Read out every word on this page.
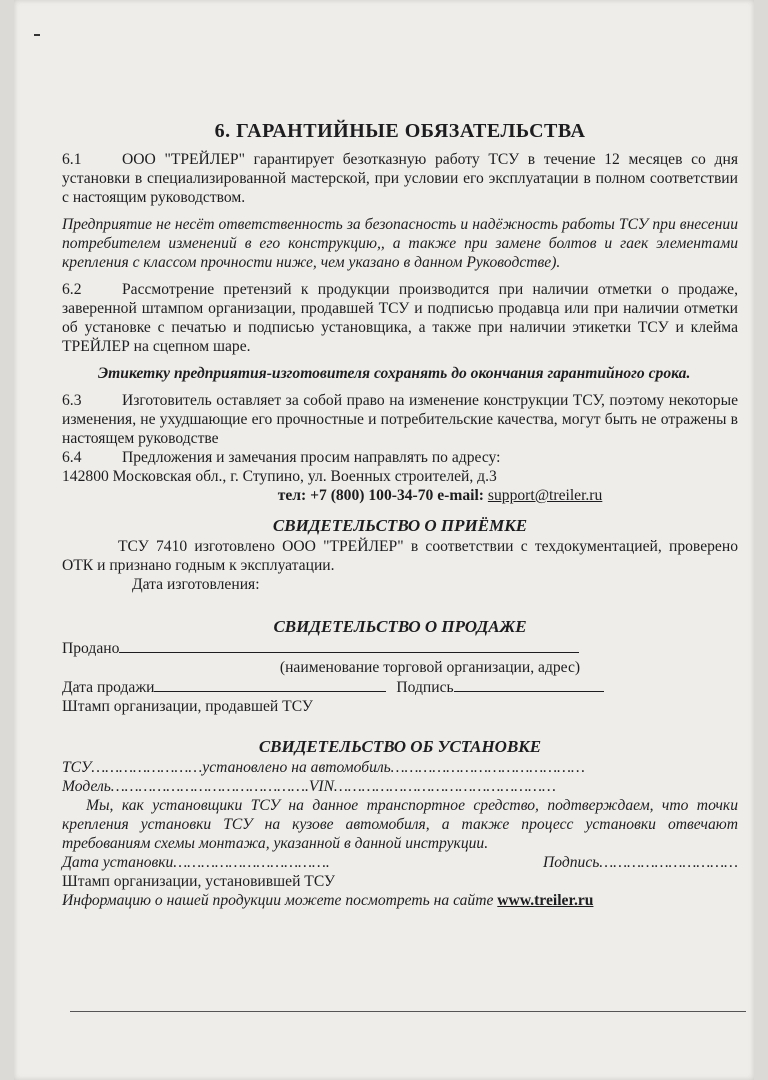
6. ГАРАНТИЙНЫЕ ОБЯЗАТЕЛЬСТВА

6.1	ООО "ТРЕЙЛЕР" гарантирует безотказную работу ТСУ в течение 12 месяцев со дня установки в специализированной мастерской, при условии его эксплуатации в полном соответствии с настоящим руководством.

Предприятие не несёт ответственность за безопасность и надёжность работы ТСУ при внесении потребителем изменений в его конструкцию,, а также при замене болтов и гаек элементами крепления с классом прочности ниже, чем указано в данном Руководстве).

6.2	Рассмотрение претензий к продукции производится при наличии отметки о продаже, заверенной штампом организации, продавшей ТСУ и подписью продавца или при наличии отметки об установке с печатью и подписью установщика, а также при наличии этикетки ТСУ и клейма ТРЕЙЛЕР на сцепном шаре.

Этикетку предприятия-изготовителя сохранять до окончания гарантийного срока.

6.3	Изготовитель оставляет за собой право на изменение конструкции ТСУ, поэтому некоторые изменения, не ухудшающие его прочностные и потребительские качества, могут быть не отражены в настоящем руководстве

6.4	Предложения и замечания просим направлять по адресу:

142800 Московская обл., г. Ступино, ул. Военных строителей, д.3

тел: +7 (800) 100-34-70 e-mail: support@treiler.ru

СВИДЕТЕЛЬСТВО О ПРИЁМКЕ

ТСУ 7410 изготовлено ООО "ТРЕЙЛЕР" в соответствии с техдокументацией, проверено ОТК и признано годным к эксплуатации.

Дата изготовления:

СВИДЕТЕЛЬСТВО О ПРОДАЖЕ

Продано

(наименование торговой организации, адрес)

Дата продажи	Подпись

Штамп организации, продавшей ТСУ

СВИДЕТЕЛЬСТВО ОБ УСТАНОВКЕ

ТСУ……………………установлено на автомобиль……………………………………

Модель…………………………………….VIN…………………………………………

Мы, как установщики ТСУ на данное транспортное средство, подтверждаем, что точки крепления установки ТСУ на кузове автомобиля, а также процесс установки отвечают требованиям схемы монтажа, указанной в данной инструкции.

Дата установки…………………………….	Подпись…………………………

Штамп организации, установившей ТСУ

Информацию о нашей продукции можете посмотреть на сайте www.treiler.ru
